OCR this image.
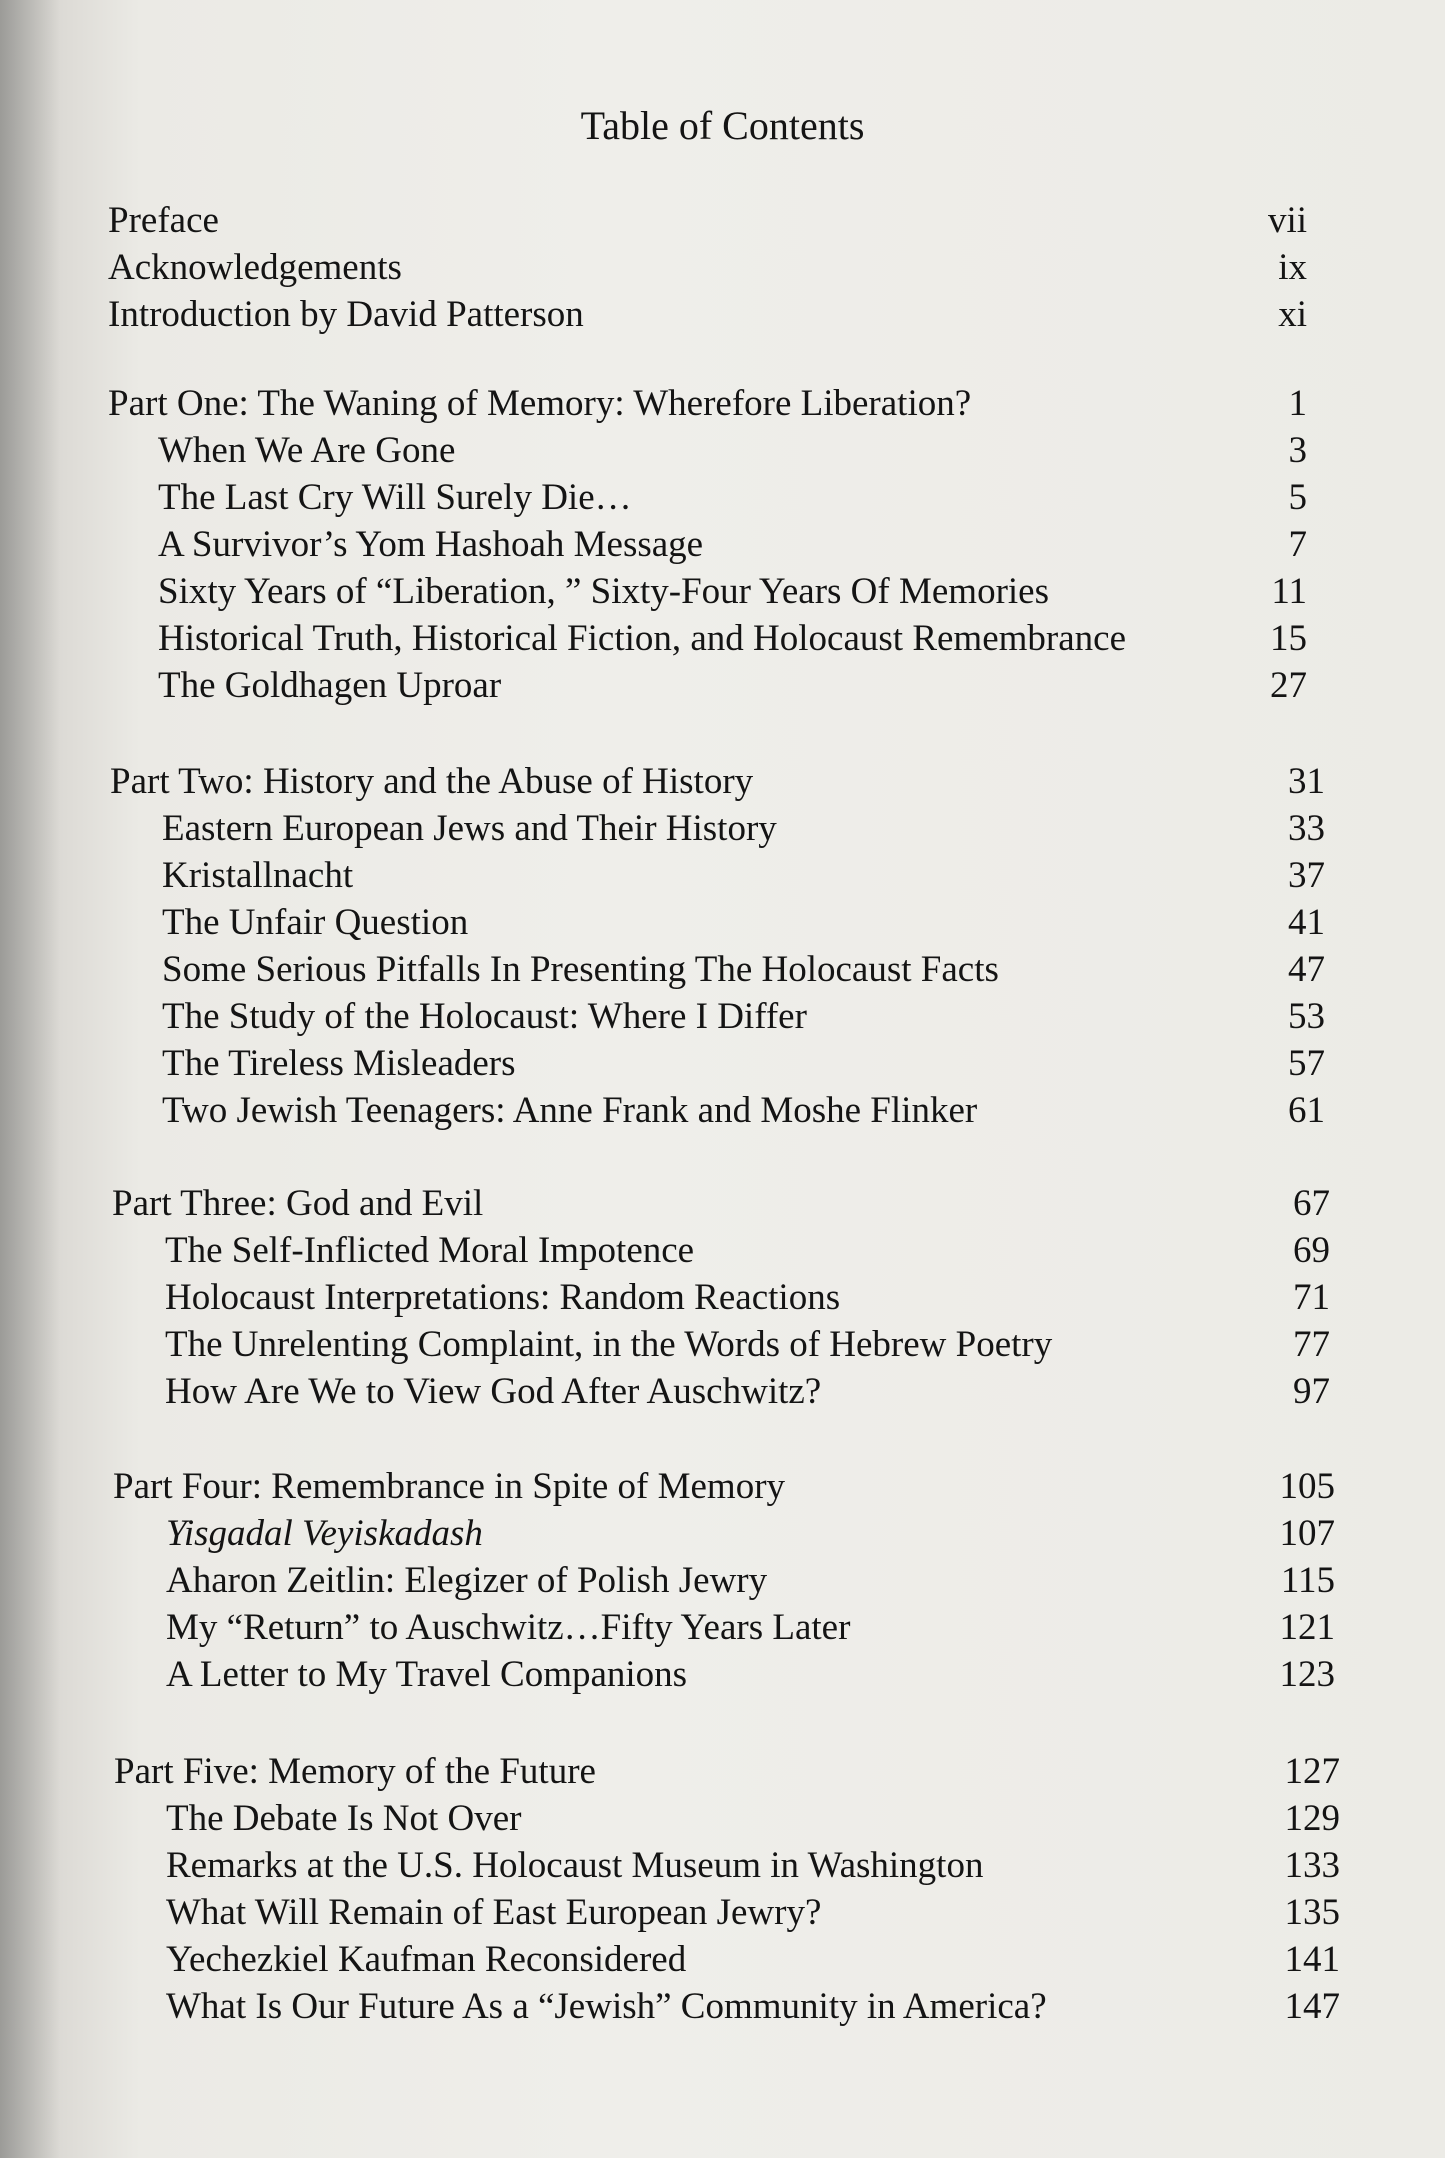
Table of Contents
Preface	vii
Acknowledgements	ix
Introduction by David Patterson	xi
Part One: The Waning of Memory: Wherefore Liberation?	1
When We Are Gone	3
The Last Cry Will Surely Die…	5
A Survivor’s Yom Hashoah Message	7
Sixty Years of “Liberation, ” Sixty-Four Years Of Memories	11
Historical Truth, Historical Fiction, and Holocaust Remembrance	15
The Goldhagen Uproar	27
Part Two: History and the Abuse of History	31
Eastern European Jews and Their History	33
Kristallnacht	37
The Unfair Question	41
Some Serious Pitfalls In Presenting The Holocaust Facts	47
The Study of the Holocaust: Where I Differ	53
The Tireless Misleaders	57
Two Jewish Teenagers: Anne Frank and Moshe Flinker	61
Part Three: God and Evil	67
The Self-Inflicted Moral Impotence	69
Holocaust Interpretations: Random Reactions	71
The Unrelenting Complaint, in the Words of Hebrew Poetry	77
How Are We to View God After Auschwitz?	97
Part Four: Remembrance in Spite of Memory	105
Yisgadal Veyiskadash	107
Aharon Zeitlin: Elegizer of Polish Jewry	115
My “Return” to Auschwitz…Fifty Years Later	121
A Letter to My Travel Companions	123
Part Five: Memory of the Future	127
The Debate Is Not Over	129
Remarks at the U.S. Holocaust Museum in Washington	133
What Will Remain of East European Jewry?	135
Yechezkiel Kaufman Reconsidered	141
What Is Our Future As a “Jewish” Community in America?	147
